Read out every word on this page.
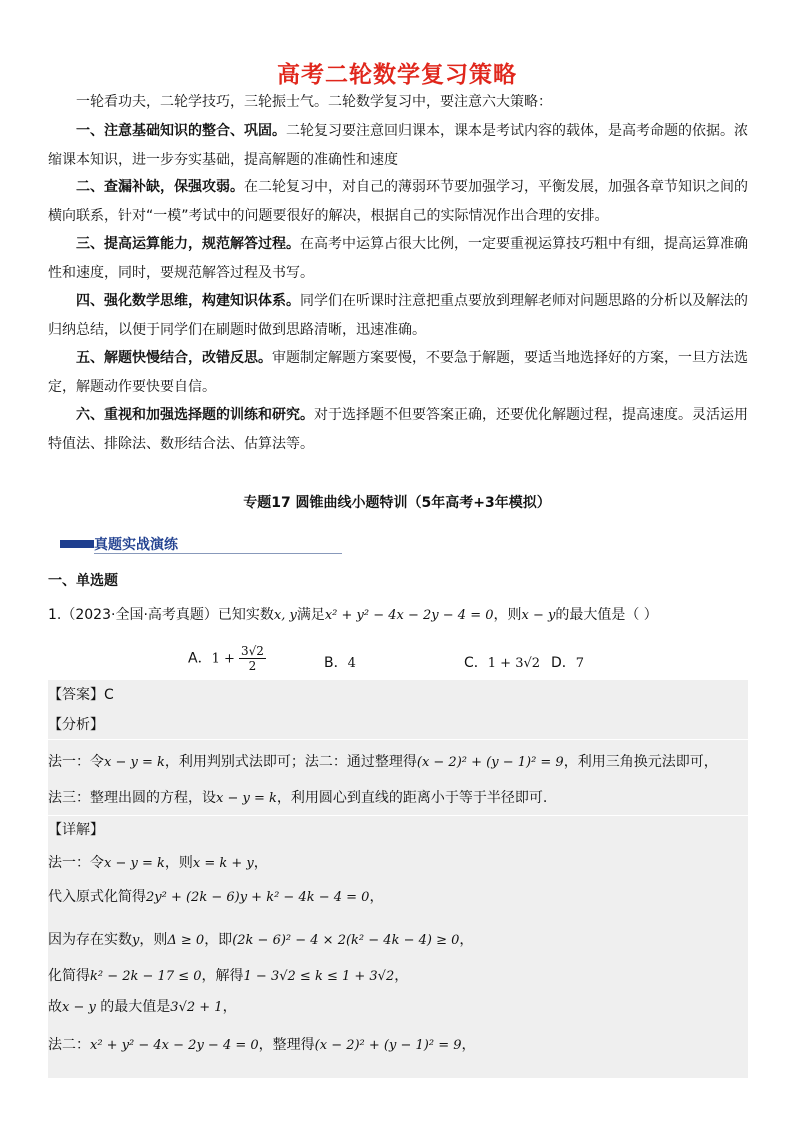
高考二轮数学复习策略
一轮看功夫，二轮学技巧，三轮振士气。二轮数学复习中，要注意六大策略：
一、注意基础知识的整合、巩固。二轮复习要注意回归课本，课本是考试内容的载体，是高考命题的依据。浓缩课本知识，进一步夯实基础，提高解题的准确性和速度
二、查漏补缺，保强攻弱。在二轮复习中，对自己的薄弱环节要加强学习，平衡发展，加强各章节知识之间的横向联系，针对“一模”考试中的问题要很好的解决，根据自己的实际情况作出合理的安排。
三、提高运算能力，规范解答过程。在高考中运算占很大比例，一定要重视运算技巧粗中有细，提高运算准确性和速度，同时，要规范解答过程及书写。
四、强化数学思维，构建知识体系。同学们在听课时注意把重点要放到理解老师对问题思路的分析以及解法的归纳总结，以便于同学们在刷题时做到思路清晰，迅速准确。
五、解题快慢结合，改错反思。审题制定解题方案要慢，不要急于解题，要适当地选择好的方案，一旦方法选定，解题动作要快要自信。
六、重视和加强选择题的训练和研究。对于选择题不但要答案正确，还要优化解题过程，提高速度。灵活运用特值法、排除法、数形结合法、估算法等。
专题17 圆锥曲线小题特训（5年高考+3年模拟）
真题实战演练
一、单选题
1.（2023·全国·高考真题）已知实数x, y满足x² + y² − 4x − 2y − 4 = 0，则x − y的最大值是（ ）
A．$1 + \frac{3√2}{2}$	B．4	C．1 + 3√2 D．7
【答案】C
【分析】
法一：令x − y = k，利用判别式法即可；法二：通过整理得(x − 2)² + (y − 1)² = 9，利用三角换元法即可，
法三：整理出圆的方程，设x − y = k，利用圆心到直线的距离小于等于半径即可.
【详解】
法一：令x − y = k，则x = k + y，
代入原式化简得2y² + (2k − 6)y + k² − 4k − 4 = 0，
因为存在实数y，则Δ ≥ 0，即(2k − 6)² − 4 × 2(k² − 4k − 4) ≥ 0，
化简得k² − 2k − 17 ≤ 0，解得1 − 3√2 ≤ k ≤ 1 + 3√2，
故x − y 的最大值是3√2 + 1，
法二：x² + y² − 4x − 2y − 4 = 0，整理得(x − 2)² + (y − 1)² = 9，
